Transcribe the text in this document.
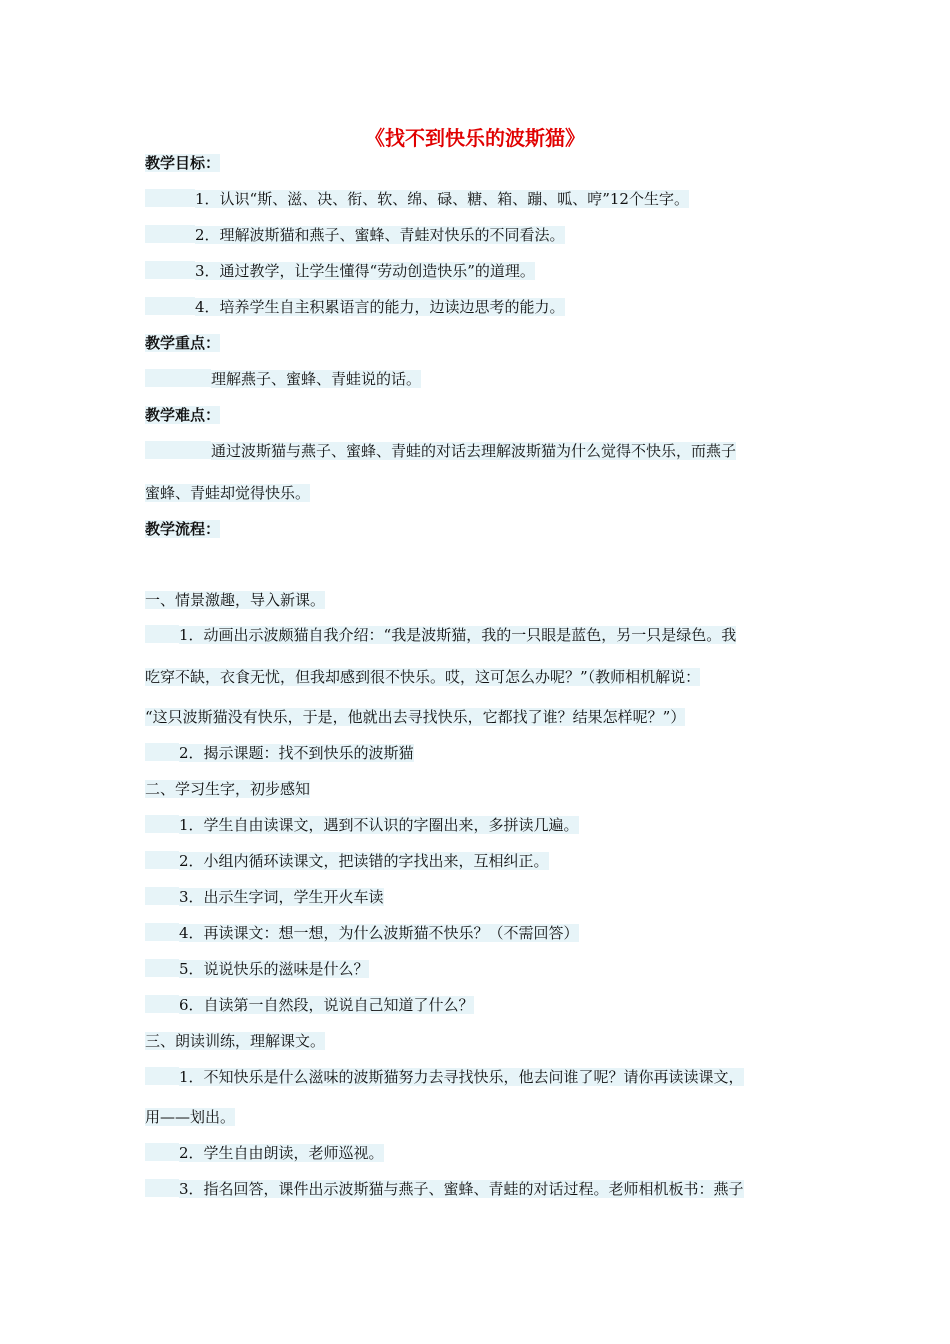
《找不到快乐的波斯猫》
教学目标：
1．认识“斯、滋、决、衔、软、绵、碌、糖、箱、蹦、呱、哼”12个生字。
2．理解波斯猫和燕子、蜜蜂、青蛙对快乐的不同看法。
3．通过教学，让学生懂得“劳动创造快乐”的道理。
4．培养学生自主积累语言的能力，边读边思考的能力。
教学重点：
理解燕子、蜜蜂、青蛙说的话。
教学难点：
通过波斯猫与燕子、蜜蜂、青蛙的对话去理解波斯猫为什么觉得不快乐，而燕子
蜜蜂、青蛙却觉得快乐。
教学流程：
一、情景激趣，导入新课。
1．动画出示波颇猫自我介绍：“我是波斯猫，我的一只眼是蓝色，另一只是绿色。我
吃穿不缺，衣食无忧，但我却感到很不快乐。哎，这可怎么办呢？”（教师相机解说：
“这只波斯猫没有快乐，于是，他就出去寻找快乐，它都找了谁？结果怎样呢？”）
2．揭示课题：找不到快乐的波斯猫
二、学习生字，初步感知
1．学生自由读课文，遇到不认识的字圈出来，多拼读几遍。
2．小组内循环读课文，把读错的字找出来，互相纠正。
3．出示生字词，学生开火车读
4．再读课文：想一想，为什么波斯猫不快乐？（不需回答）
5．说说快乐的滋味是什么？
6．自读第一自然段，说说自己知道了什么？
三、朗读训练，理解课文。
1．不知快乐是什么滋味的波斯猫努力去寻找快乐，他去问谁了呢？请你再读读课文，
用——划出。
2．学生自由朗读，老师巡视。
3．指名回答，课件出示波斯猫与燕子、蜜蜂、青蛙的对话过程。老师相机板书：燕子
